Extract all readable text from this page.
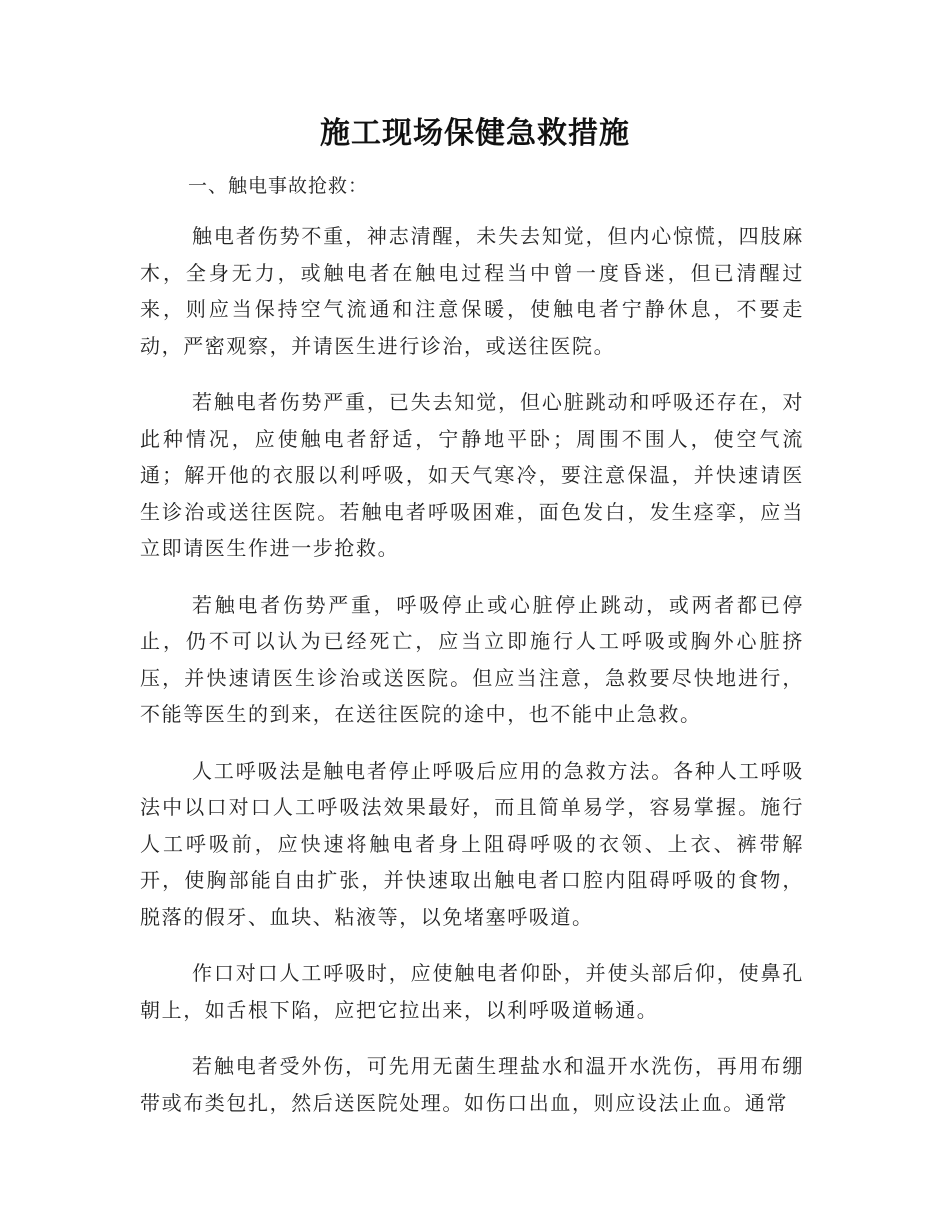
施工现场保健急救措施
一、触电事故抢救：

触电者伤势不重，神志清醒，未失去知觉，但内心惊慌，四肢麻木，全身无力，或触电者在触电过程当中曾一度昏迷，但已清醒过来，则应当保持空气流通和注意保暖，使触电者宁静休息，不要走动，严密观察，并请医生进行诊治，或送往医院。

若触电者伤势严重，已失去知觉，但心脏跳动和呼吸还存在，对此种情况，应使触电者舒适，宁静地平卧；周围不围人，使空气流通；解开他的衣服以利呼吸，如天气寒冷，要注意保温，并快速请医生诊治或送往医院。若触电者呼吸困难，面色发白，发生痉挛，应当立即请医生作进一步抢救。

若触电者伤势严重，呼吸停止或心脏停止跳动，或两者都已停止，仍不可以认为已经死亡，应当立即施行人工呼吸或胸外心脏挤压，并快速请医生诊治或送医院。但应当注意，急救要尽快地进行，不能等医生的到来，在送往医院的途中，也不能中止急救。

人工呼吸法是触电者停止呼吸后应用的急救方法。各种人工呼吸法中以口对口人工呼吸法效果最好，而且简单易学，容易掌握。施行人工呼吸前，应快速将触电者身上阻碍呼吸的衣领、上衣、裤带解开，使胸部能自由扩张，并快速取出触电者口腔内阻碍呼吸的食物，脱落的假牙、血块、粘液等，以免堵塞呼吸道。

作口对口人工呼吸时，应使触电者仰卧，并使头部后仰，使鼻孔朝上，如舌根下陷，应把它拉出来，以利呼吸道畅通。

若触电者受外伤，可先用无菌生理盐水和温开水洗伤，再用布绷带或布类包扎，然后送医院处理。如伤口出血，则应设法止血。通常
